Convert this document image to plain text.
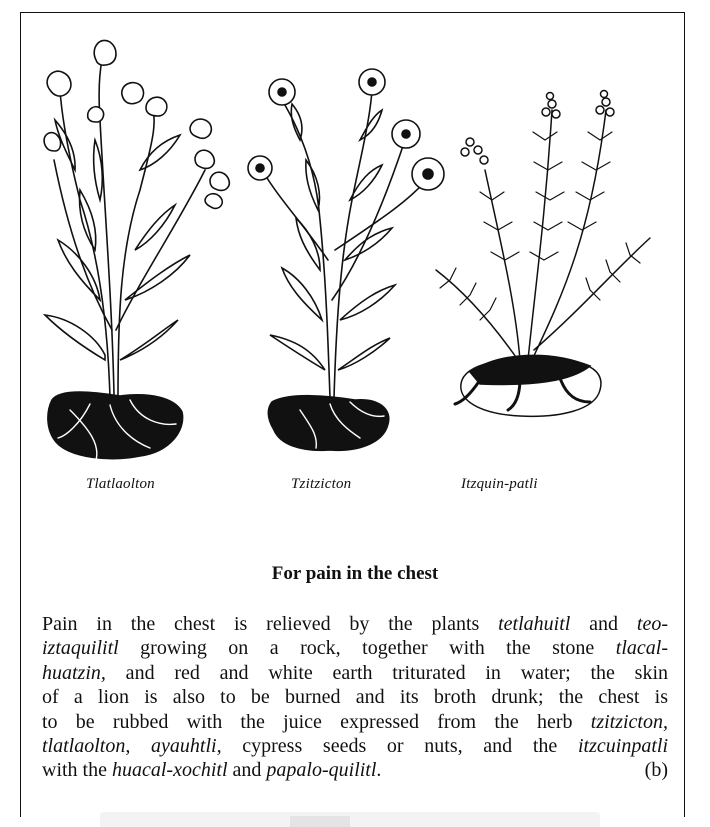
Tlatlaolton	Tzitzicton	Itzquin-patli
For pain in the chest
Pain in the chest is relieved by the plants tetlahuitl and teo-
iztaquilitl growing on a rock, together with the stone tlacal-
huatzin, and red and white earth triturated in water; the skin
of a lion is also to be burned and its broth drunk; the chest is
to be rubbed with the juice expressed from the herb tzitzicton,
tlatlaolton, ayauhtli, cypress seeds or nuts, and the itzcuinpatli
with the huacal-xochitl and papalo-quilitl.	(b)
